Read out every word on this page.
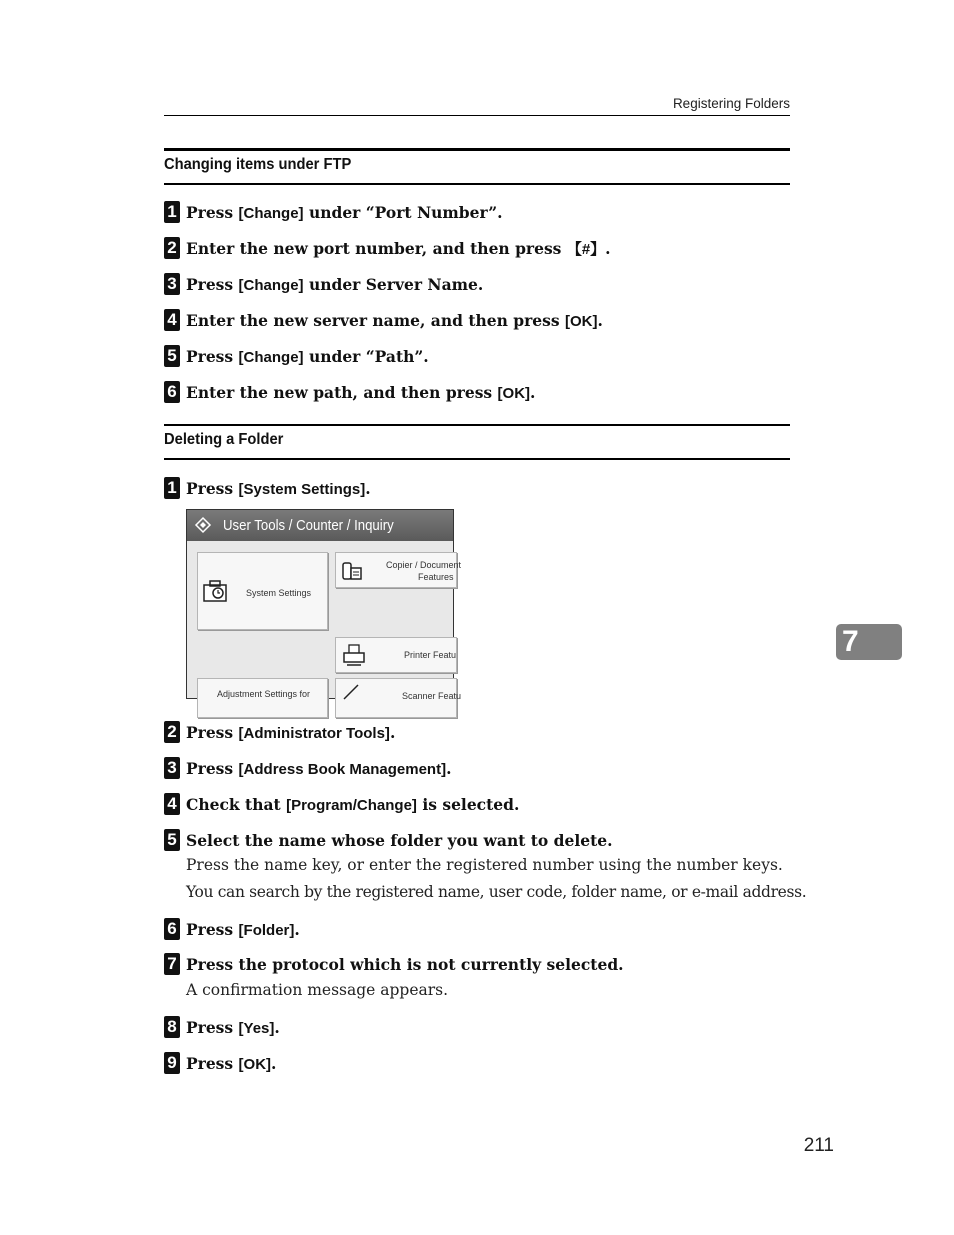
Registering Folders
Changing items under FTP
1 Press [Change] under “Port Number”.
2 Enter the new port number, and then press 【#】.
3 Press [Change] under Server Name.
4 Enter the new server name, and then press [OK].
5 Press [Change] under “Path”.
6 Enter the new path, and then press [OK].
Deleting a Folder
1 Press [System Settings].
User Tools / Counter / Inquiry
System Settings
Copier / Document
Features
Printer Featu
Adjustment Settings for	Scanner Featu
2 Press [Administrator Tools].
3 Press [Address Book Management].
4 Check that [Program/Change] is selected.
5 Select the name whose folder you want to delete.
Press the name key, or enter the registered number using the number keys.
You can search by the registered name, user code, folder name, or e-mail address.
6 Press [Folder].
7 Press the protocol which is not currently selected.
A confirmation message appears.
8 Press [Yes].
9 Press [OK].
7
211
